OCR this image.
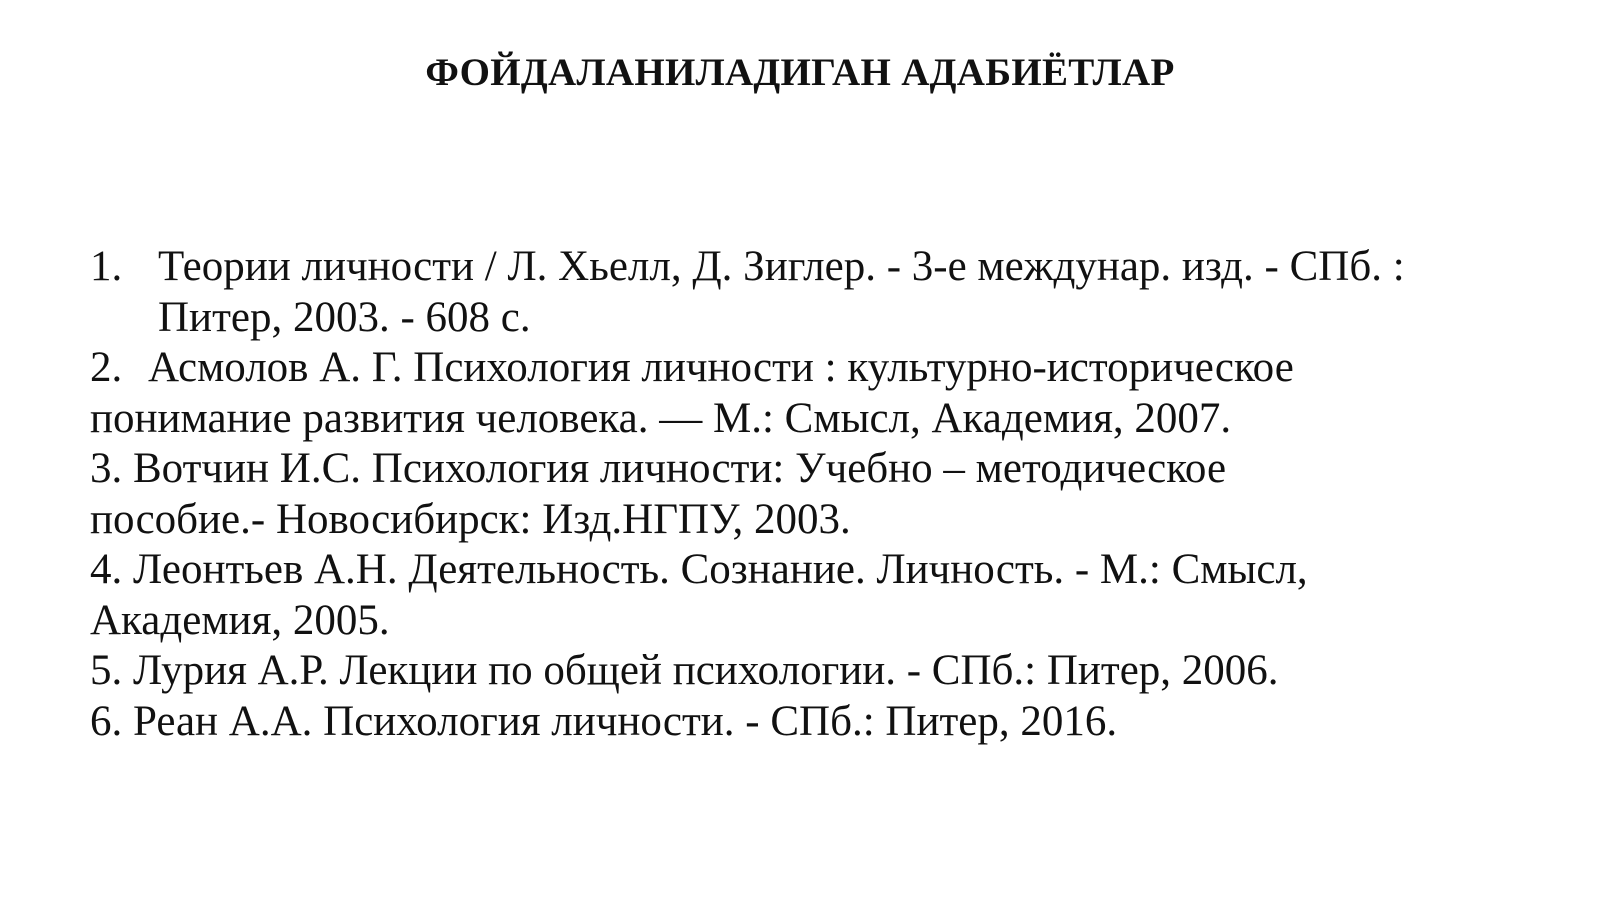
ФОЙДАЛАНИЛАДИГАН АДАБИЁТЛАР
1. Теории личности / Л. Хьелл, Д. Зиглер. - 3-е междунар. изд. - СПб. :
Питер, 2003. - 608 с.
2. Асмолов А. Г. Психология личности : культурно-историческое
понимание развития человека. — М.: Смысл, Академия, 2007.
3. Вотчин И.С. Психология личности: Учебно – методическое
пособие.- Новосибирск: Изд.НГПУ, 2003.
4. Леонтьев А.Н. Деятельность. Сознание. Личность. - М.: Смысл,
Академия, 2005.
5. Лурия А.Р. Лекции по общей психологии. - СПб.: Питер, 2006.
6. Реан А.А. Психология личности. - СПб.: Питер, 2016.
